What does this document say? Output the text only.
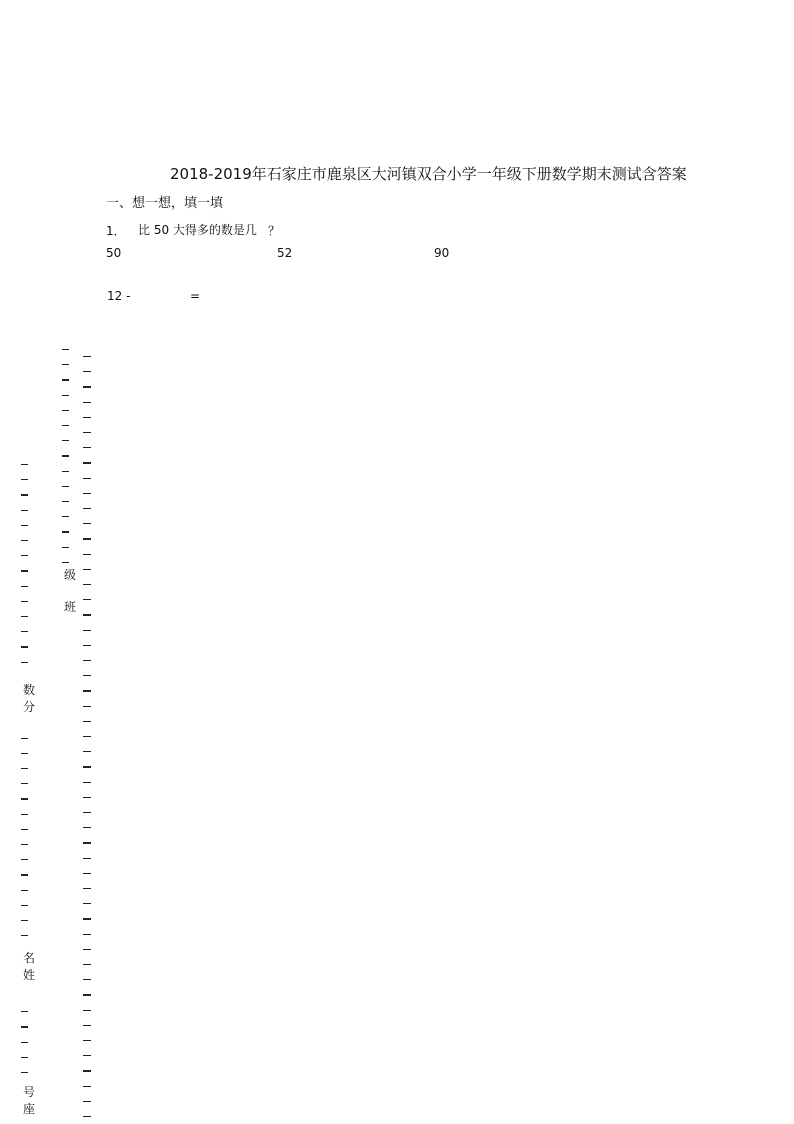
2018-2019年石家庄市鹿泉区大河镇双合小学一年级下册数学期末测试含答案
一、想一想，填一填
1． 比 50 大得多的数是几 ？
50	52	90
12 -	=
级
班
数
分
名
姓
号
座
